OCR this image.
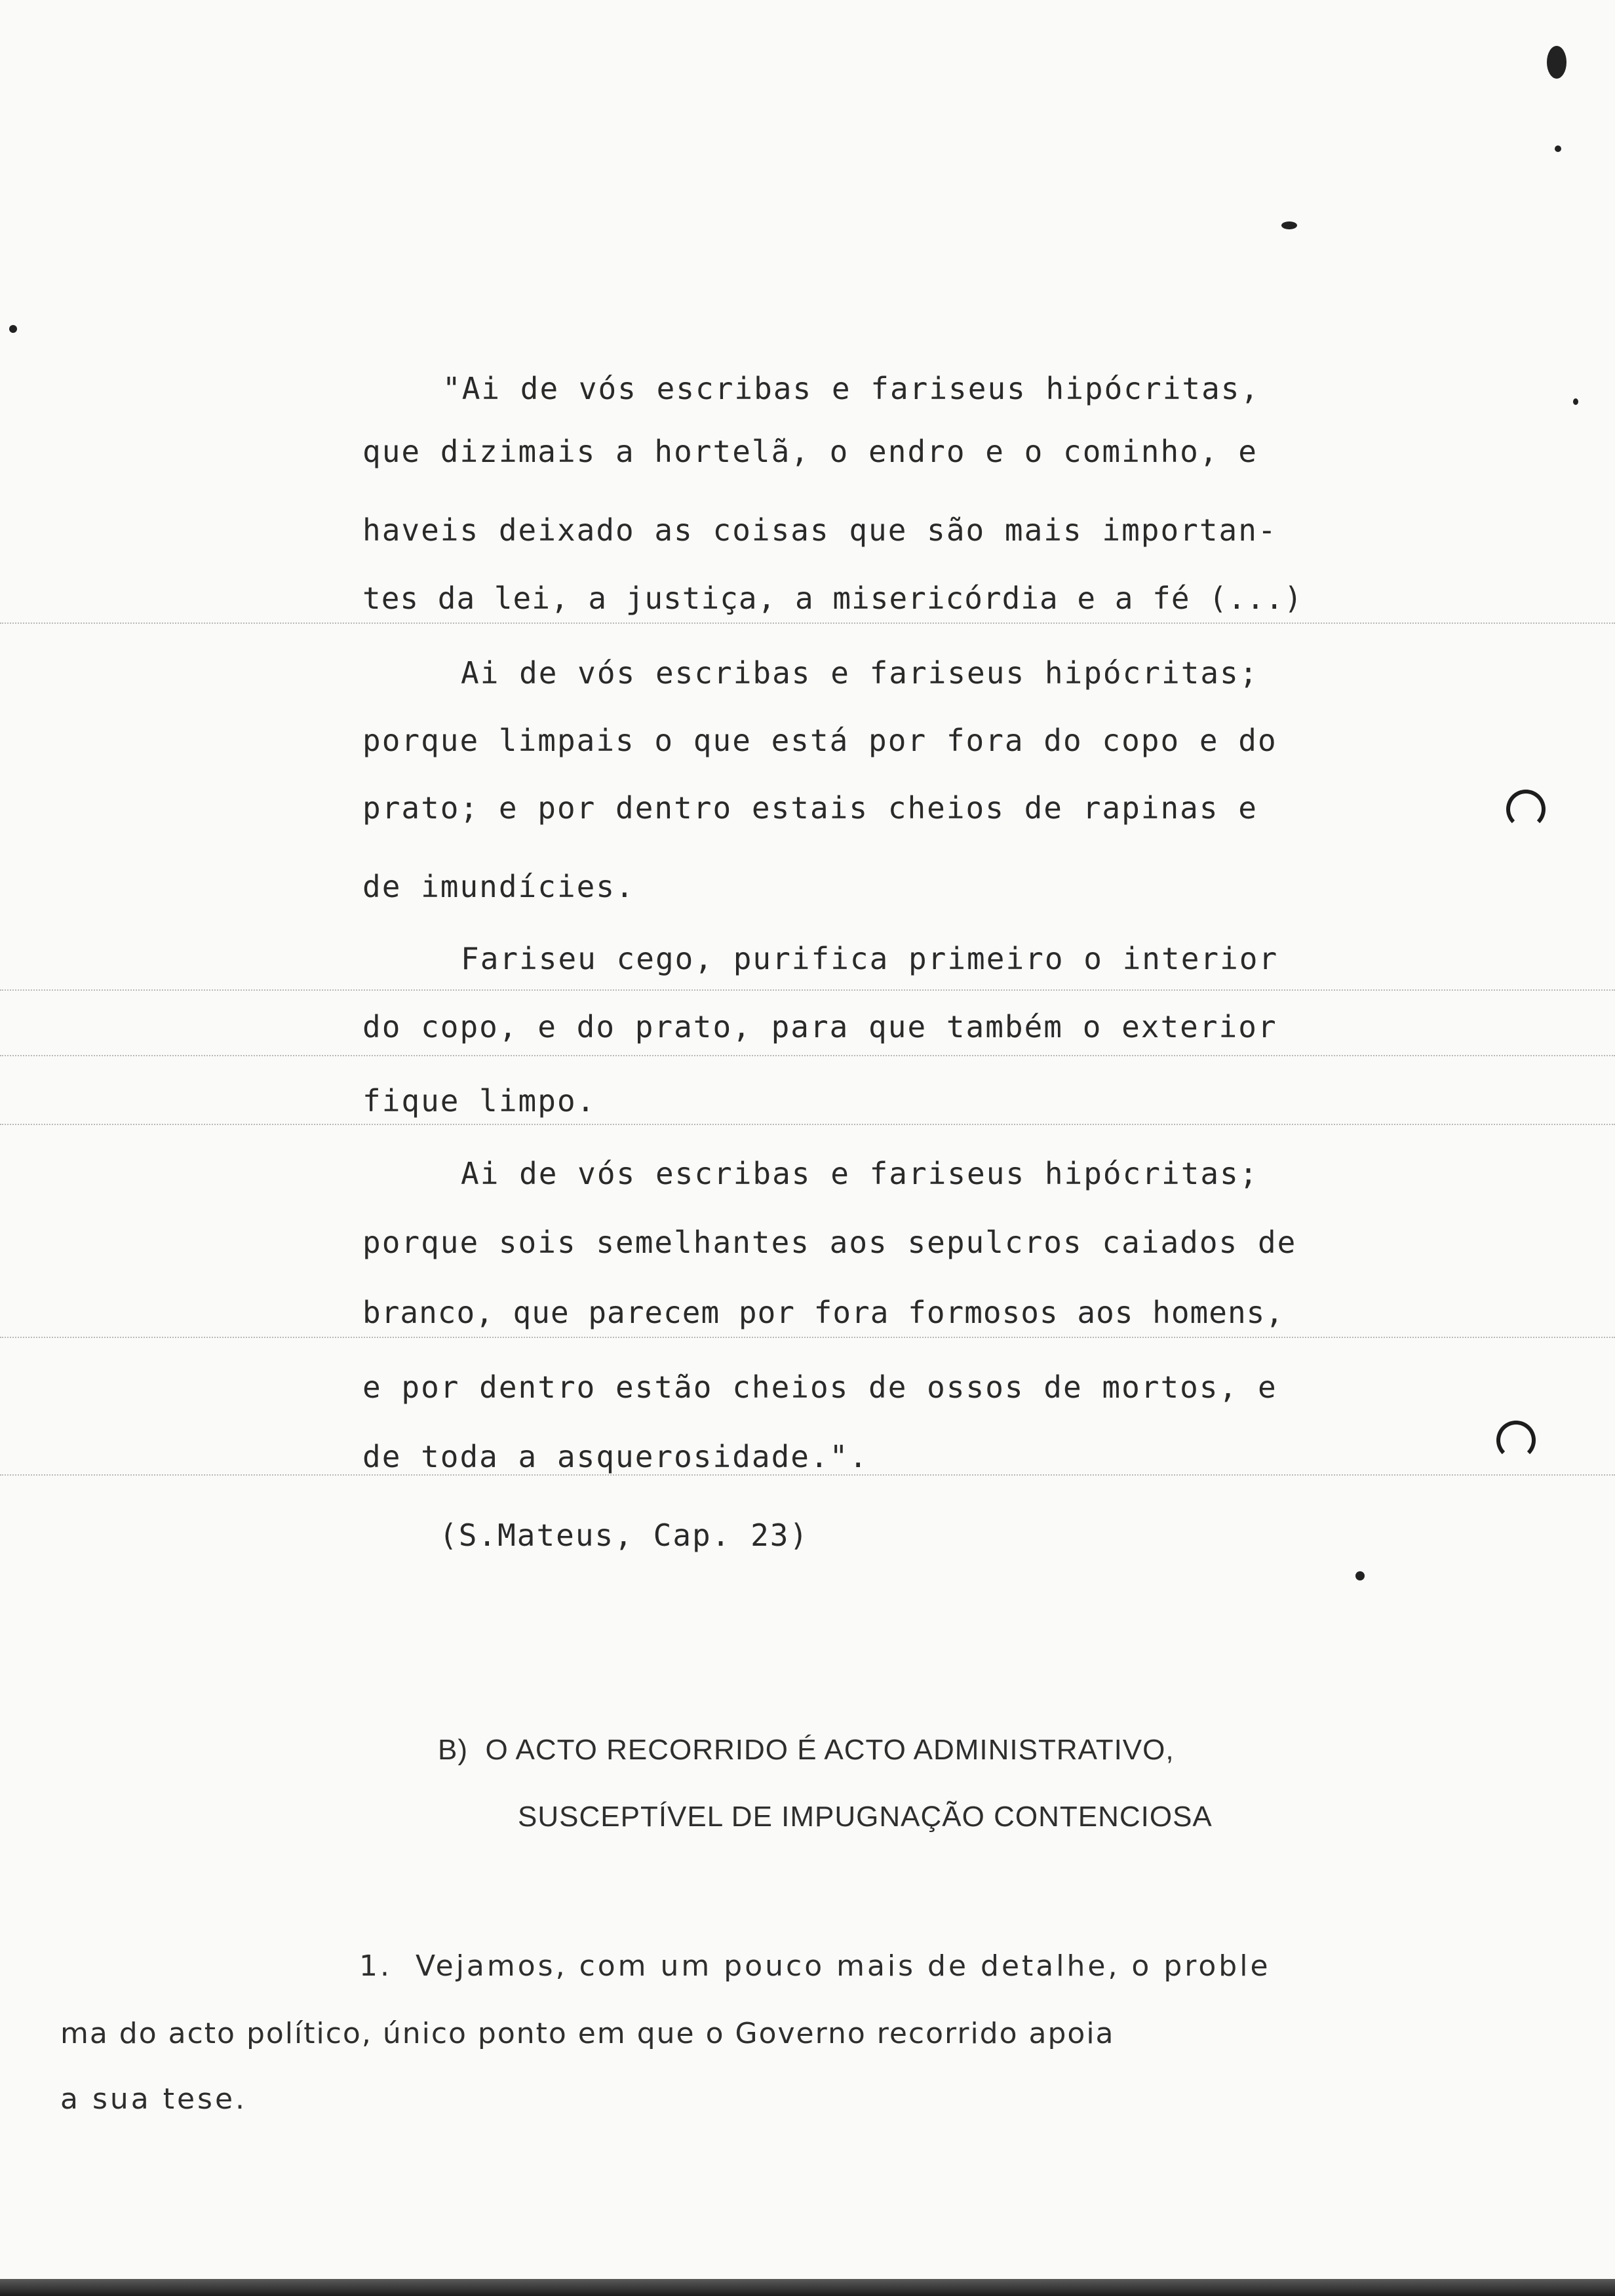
"Ai de vós escribas e fariseus hipócritas,
que dizimais a hortelã, o endro e o cominho, e
haveis deixado as coisas que são mais importan-
tes da lei, a justiça, a misericórdia e a fé (...)
Ai de vós escribas e fariseus hipócritas;
porque limpais o que está por fora do copo e do
prato; e por dentro estais cheios de rapinas e
de imundícies.
Fariseu cego, purifica primeiro o interior
do copo, e do prato, para que também o exterior
fique limpo.
Ai de vós escribas e fariseus hipócritas;
porque sois semelhantes aos sepulcros caiados de
branco, que parecem por fora formosos aos homens,
e por dentro estão cheios de ossos de mortos, e
de toda a asquerosidade.".
(S.Mateus, Cap. 23)
B)  O ACTO RECORRIDO É ACTO ADMINISTRATIVO,
SUSCEPTÍVEL DE IMPUGNAÇÃO CONTENCIOSA
1.  Vejamos, com um pouco mais de detalhe, o proble
ma do acto político, único ponto em que o Governo recorrido apoia
a sua tese.
